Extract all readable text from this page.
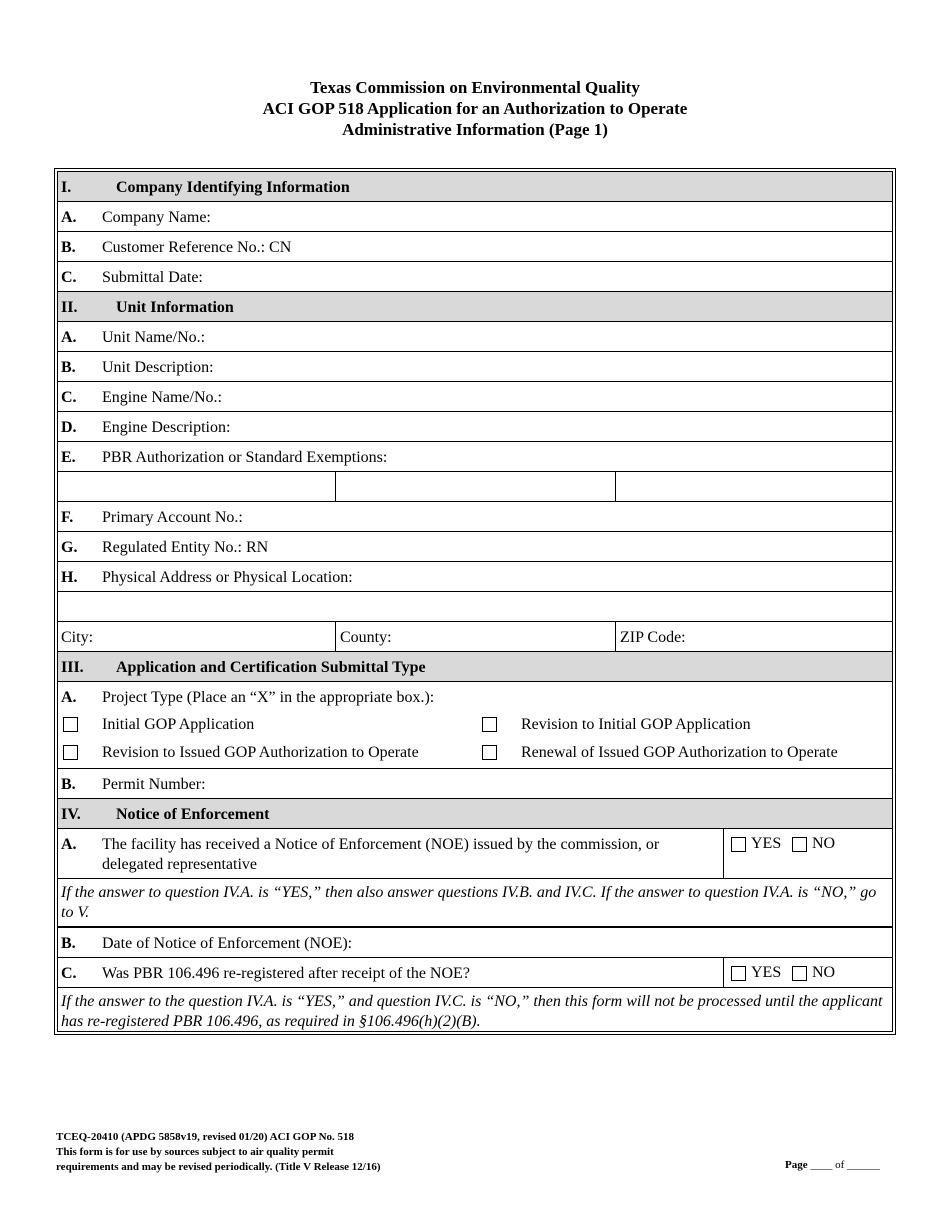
Texas Commission on Environmental Quality
ACI GOP 518 Application for an Authorization to Operate
Administrative Information (Page 1)
I.	Company Identifying Information
A. Company Name:
B. Customer Reference No.: CN
C. Submittal Date:
II. Unit Information
A. Unit Name/No.:
B. Unit Description:
C. Engine Name/No.:
D. Engine Description:
E. PBR Authorization or Standard Exemptions:
F. Primary Account No.:
G. Regulated Entity No.: RN
H. Physical Address or Physical Location:
City:	County:	ZIP Code:
III. Application and Certification Submittal Type
A. Project Type (Place an “X” in the appropriate box.):
Initial GOP Application	Revision to Initial GOP Application
Revision to Issued GOP Authorization to Operate	Renewal of Issued GOP Authorization to Operate
B. Permit Number:
IV. Notice of Enforcement
A. The facility has received a Notice of Enforcement (NOE) issued by the commission, or delegated representative
YES NO
If the answer to question IV.A. is “YES,” then also answer questions IV.B. and IV.C. If the answer to question IV.A. is “NO,” go to V.
B. Date of Notice of Enforcement (NOE):
C. Was PBR 106.496 re-registered after receipt of the NOE?	YES NO
If the answer to the question IV.A. is “YES,” and question IV.C. is “NO,” then this form will not be processed until the applicant has re-registered PBR 106.496, as required in §106.496(h)(2)(B).
TCEQ-20410 (APDG 5858v19, revised 01/20) ACI GOP No. 518
This form is for use by sources subject to air quality permit
requirements and may be revised periodically. (Title V Release 12/16)	Page ____ of ______
